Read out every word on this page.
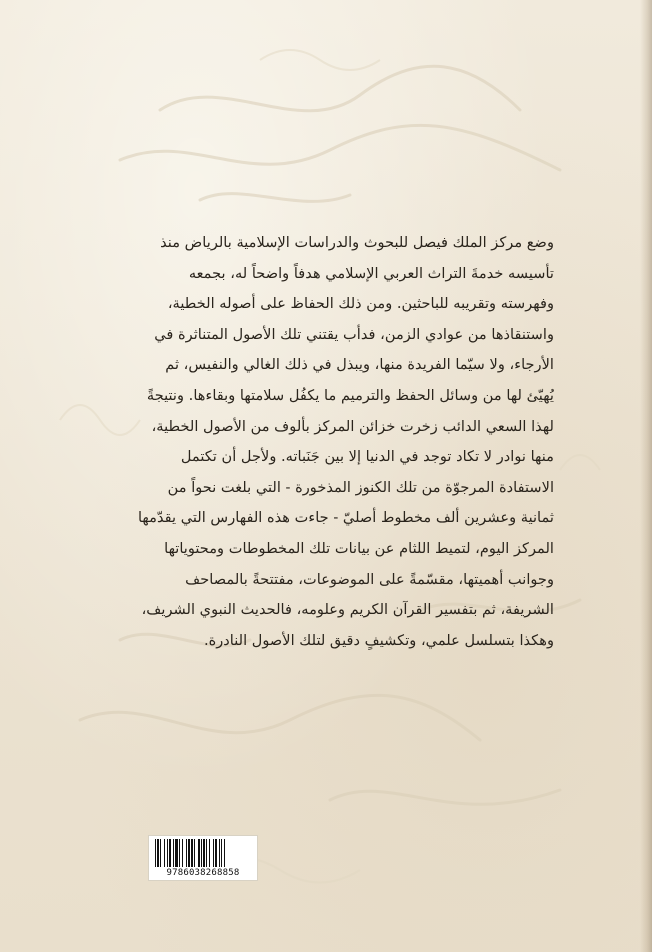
وضع مركز الملك فيصل للبحوث والدراسات الإسلامية بالرياض منذ
تأسيسه خدمةَ التراث العربي الإسلامي هدفاً واضحاً له، بجمعه
وفهرسته وتقريبه للباحثين. ومن ذلك الحفاظ على أصوله الخطية،
واستنقاذها من عوادي الزمن، فدأب يقتني تلك الأصول المتناثرة في
الأرجاء، ولا سيّما الفريدة منها، ويبذل في ذلك الغالي والنفيس، ثم
يُهيّئ لها من وسائل الحفظ والترميم ما يكفُل سلامتها وبقاءها. ونتيجةً
لهذا السعي الدائب زخرت خزائن المركز بألوف من الأصول الخطية،
منها نوادر لا تكاد توجد في الدنيا إلا بين جَنَباته. ولأجل أن تكتمل
الاستفادة المرجوّة من تلك الكنوز المذخورة - التي بلغت نحواً من
ثمانية وعشرين ألف مخطوط أصليّ - جاءت هذه الفهارس التي يقدّمها
المركز اليوم، لتميط اللثام عن بيانات تلك المخطوطات ومحتوياتها
وجوانب أهميتها، مقسّمةً على الموضوعات، مفتتحةً بالمصاحف
الشريفة، ثم بتفسير القرآن الكريم وعلومه، فالحديث النبوي الشريف،
وهكذا بتسلسل علمي، وتكشيفٍ دقيق لتلك الأصول النادرة.
9786038268858
